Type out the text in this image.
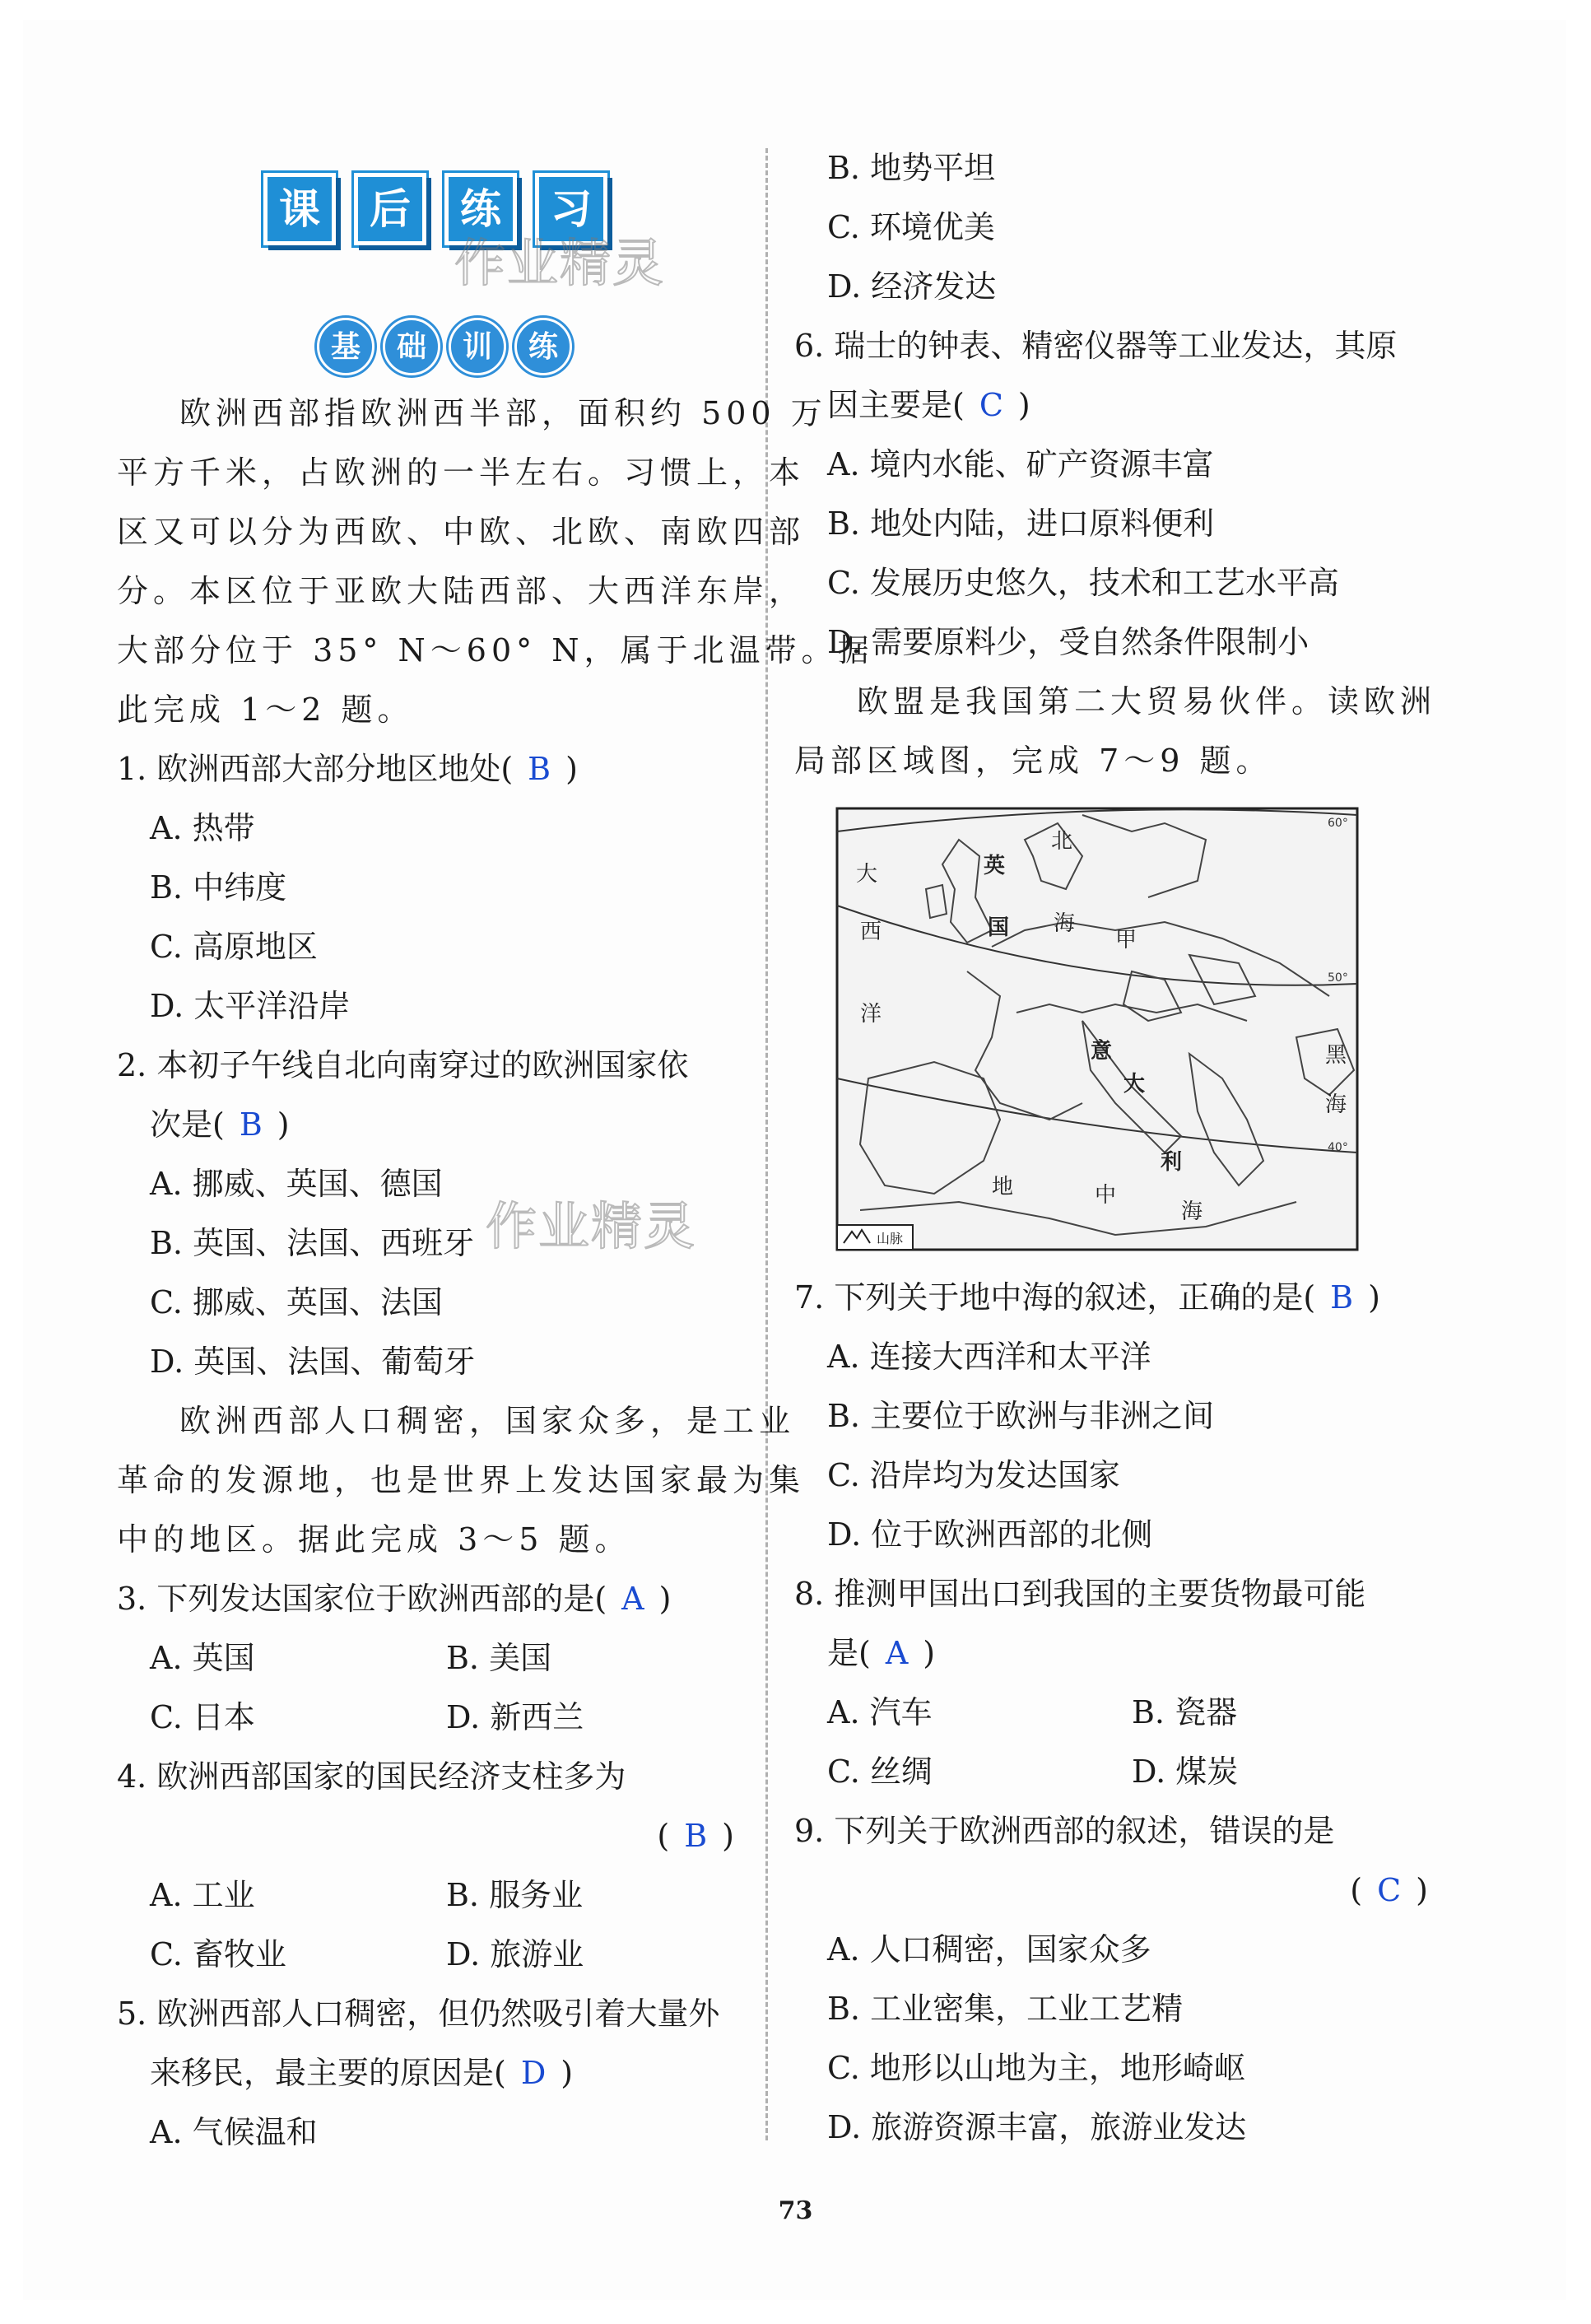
课	后	练	习
作业精灵
基	础	训	练
欧洲西部指欧洲西半部，面积约 500 万
平方千米，占欧洲的一半左右。习惯上，本
区又可以分为西欧、中欧、北欧、南欧四部
分。本区位于亚欧大陆西部、大西洋东岸，
大部分位于 35° N～60° N，属于北温带。据
此完成 1～2 题。
1. 欧洲西部大部分地区地处( B )
A. 热带
B. 中纬度
C. 高原地区
D. 太平洋沿岸
2. 本初子午线自北向南穿过的欧洲国家依
次是( B )
A. 挪威、英国、德国
B. 英国、法国、西班牙
C. 挪威、英国、法国
D. 英国、法国、葡萄牙
欧洲西部人口稠密，国家众多，是工业
革命的发源地，也是世界上发达国家最为集
中的地区。据此完成 3～5 题。
3. 下列发达国家位于欧洲西部的是( A )
A. 英国	B. 美国
C. 日本	D. 新西兰
4. 欧洲西部国家的国民经济支柱多为
( B )
A. 工业	B. 服务业
C. 畜牧业	D. 旅游业
5. 欧洲西部人口稠密，但仍然吸引着大量外
来移民，最主要的原因是( D )
A. 气候温和
作业精灵
B. 地势平坦
C. 环境优美
D. 经济发达
6. 瑞士的钟表、精密仪器等工业发达，其原
因主要是( C )
A. 境内水能、矿产资源丰富
B. 地处内陆，进口原料便利
C. 发展历史悠久，技术和工艺水平高
D. 需要原料少，受自然条件限制小
欧盟是我国第二大贸易伙伴。读欧洲
局部区域图，完成 7～9 题。
7. 下列关于地中海的叙述，正确的是( B )
A. 连接大西洋和太平洋
B. 主要位于欧洲与非洲之间
C. 沿岸均为发达国家
D. 位于欧洲西部的北侧
8. 推测甲国出口到我国的主要货物最可能
是( A )
A. 汽车	B. 瓷器
C. 丝绸	D. 煤炭
9. 下列关于欧洲西部的叙述，错误的是
( C )
A. 人口稠密，国家众多
B. 工业密集，工业工艺精
C. 地形以山地为主，地形崎岖
D. 旅游资源丰富，旅游业发达
大
西
洋
北
海
英
国	甲
意
大
利
黑
海
地	中
海
60°
50°
40°
山脉
73
